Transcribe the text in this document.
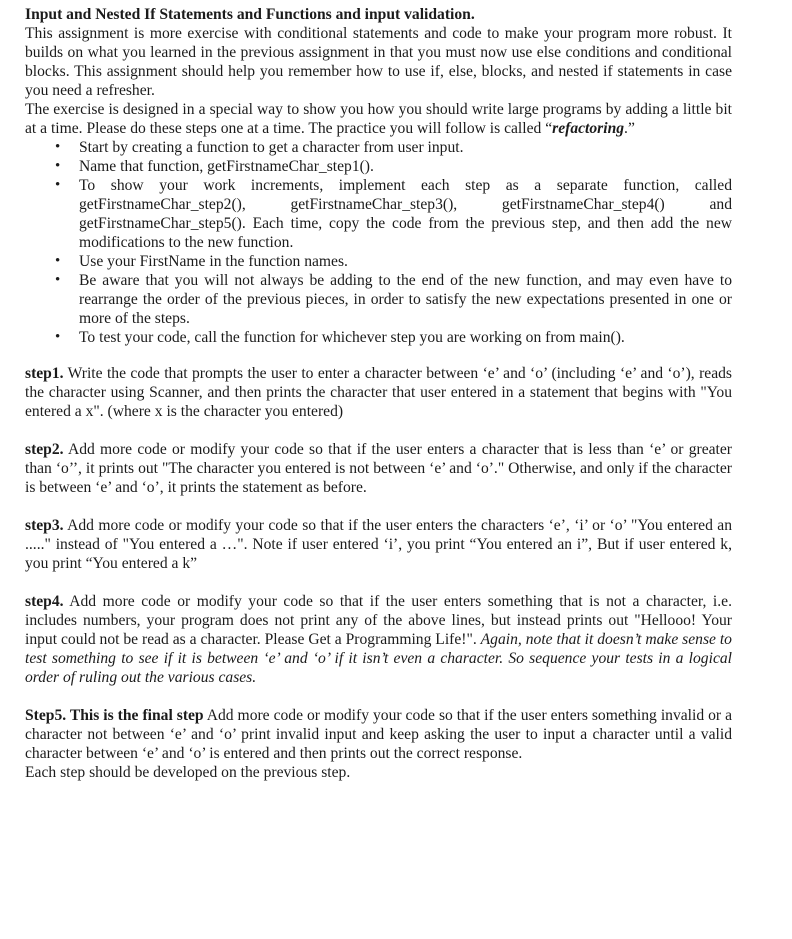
Input and Nested If Statements and Functions and input validation.

This assignment is more exercise with conditional statements and code to make your program more robust. It builds on what you learned in the previous assignment in that you must now use else conditions and conditional blocks. This assignment should help you remember how to use if, else, blocks, and nested if statements in case you need a refresher.

The exercise is designed in a special way to show you how you should write large programs by adding a little bit at a time. Please do these steps one at a time. The practice you will follow is called “refactoring.”

• Start by creating a function to get a character from user input.
• Name that function, getFirstnameChar_step1().
• To show your work increments, implement each step as a separate function, called getFirstnameChar_step2(), getFirstnameChar_step3(), getFirstnameChar_step4() and getFirstnameChar_step5(). Each time, copy the code from the previous step, and then add the new modifications to the new function.
• Use your FirstName in the function names.
• Be aware that you will not always be adding to the end of the new function, and may even have to rearrange the order of the previous pieces, in order to satisfy the new expectations presented in one or more of the steps.
• To test your code, call the function for whichever step you are working on from main().

step1. Write the code that prompts the user to enter a character between ‘e’ and ‘o’ (including ‘e’ and ‘o’), reads the character using Scanner, and then prints the character that user entered in a statement that begins with "You entered a x". (where x is the character you entered)

step2. Add more code or modify your code so that if the user enters a character that is less than ‘e’ or greater than ‘o’’, it prints out "The character you entered is not between ‘e’ and ‘o’." Otherwise, and only if the character is between ‘e’ and ‘o’, it prints the statement as before.

step3. Add more code or modify your code so that if the user enters the characters ‘e’, ‘i’ or ‘o’ "You entered an ....." instead of "You entered a …". Note if user entered ‘i’, you print “You entered an i”, But if user entered k, you print “You entered a k”

step4. Add more code or modify your code so that if the user enters something that is not a character, i.e. includes numbers, your program does not print any of the above lines, but instead prints out "Hellooo! Your input could not be read as a character. Please Get a Programming Life!". Again, note that it doesn’t make sense to test something to see if it is between ‘e’ and ‘o’ if it isn’t even a character. So sequence your tests in a logical order of ruling out the various cases.

Step5. This is the final step Add more code or modify your code so that if the user enters something invalid or a character not between ‘e’ and ‘o’ print invalid input and keep asking the user to input a character until a valid character between ‘e’ and ‘o’ is entered and then prints out the correct response.

Each step should be developed on the previous step.
